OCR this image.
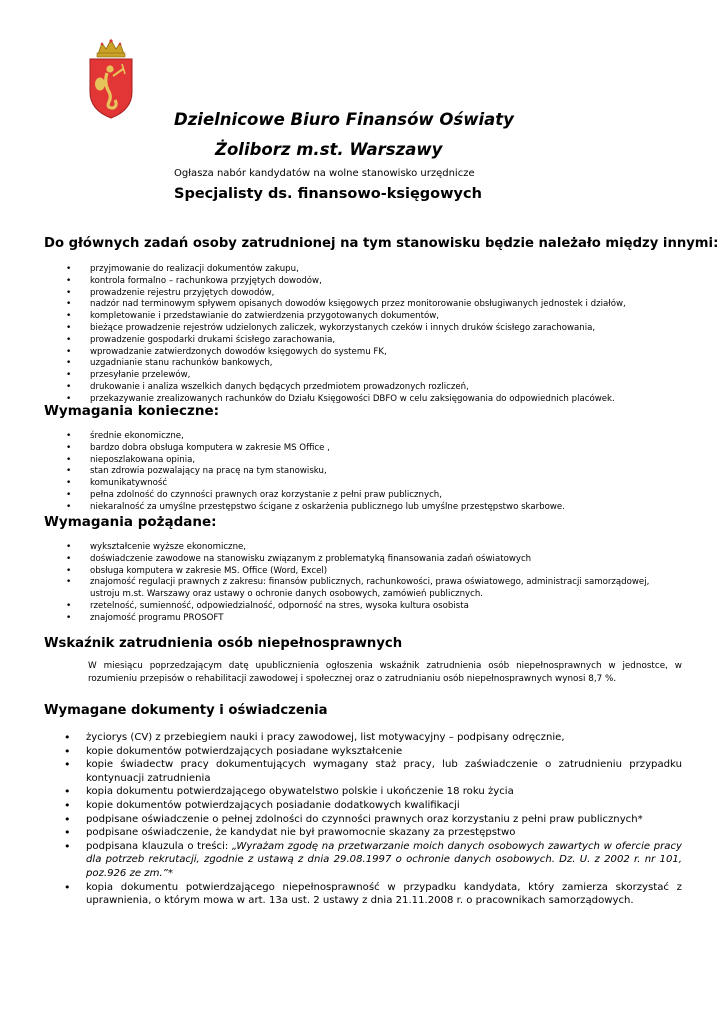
Dzielnicowe Biuro Finansów Oświaty
Żoliborz m.st. Warszawy
Ogłasza nabór kandydatów na wolne stanowisko urzędnicze
Specjalisty ds. finansowo-księgowych
Do głównych zadań osoby zatrudnionej na tym stanowisku będzie należało między innymi:
• przyjmowanie do realizacji dokumentów zakupu,
• kontrola formalno – rachunkowa przyjętych dowodów,
• prowadzenie rejestru przyjętych dowodów,
• nadzór nad terminowym spływem opisanych dowodów księgowych przez monitorowanie obsługiwanych jednostek i działów,
• kompletowanie i przedstawianie do zatwierdzenia przygotowanych dokumentów,
• bieżące prowadzenie rejestrów udzielonych zaliczek, wykorzystanych czeków i innych druków ścisłego zarachowania,
• prowadzenie gospodarki drukami ścisłego zarachowania,
• wprowadzanie zatwierdzonych dowodów księgowych do systemu FK,
• uzgadnianie stanu rachunków bankowych,
• przesyłanie przelewów,
• drukowanie i analiza wszelkich danych będących przedmiotem prowadzonych rozliczeń,
• przekazywanie zrealizowanych rachunków do Działu Księgowości DBFO w celu zaksięgowania do odpowiednich placówek.
Wymagania konieczne:
• średnie ekonomiczne,
• bardzo dobra obsługa komputera w zakresie MS Office ,
• nieposzlakowana opinia,
• stan zdrowia pozwalający na pracę na tym stanowisku,
• komunikatywność
• pełna zdolność do czynności prawnych oraz korzystanie z pełni praw publicznych,
• niekaralność za umyślne przestępstwo ścigane z oskarżenia publicznego lub umyślne przestępstwo skarbowe.
Wymagania pożądane:
• wykształcenie wyższe ekonomiczne,
• doświadczenie zawodowe na stanowisku związanym z problematyką finansowania zadań oświatowych
• obsługa komputera w zakresie MS. Office (Word, Excel)
• znajomość regulacji prawnych z zakresu: finansów publicznych, rachunkowości, prawa oświatowego, administracji samorządowej, ustroju m.st. Warszawy oraz ustawy o ochronie danych osobowych, zamówień publicznych.
• rzetelność, sumienność, odpowiedzialność, odporność na stres, wysoka kultura osobista
• znajomość programu PROSOFT
Wskaźnik zatrudnienia osób niepełnosprawnych

W miesiącu poprzedzającym datę upublicznienia ogłoszenia wskaźnik zatrudnienia osób niepełnosprawnych w jednostce, w rozumieniu przepisów o rehabilitacji zawodowej i społecznej oraz o zatrudnianiu osób niepełnosprawnych wynosi 8,7 %.

Wymagane dokumenty i oświadczenia
• życiorys (CV) z przebiegiem nauki i pracy zawodowej, list motywacyjny – podpisany odręcznie,
• kopie dokumentów potwierdzających posiadane wykształcenie
• kopie świadectw pracy dokumentujących wymagany staż pracy, lub zaświadczenie o zatrudnieniu przypadku kontynuacji zatrudnienia
• kopia dokumentu potwierdzającego obywatelstwo polskie i ukończenie 18 roku życia
• kopie dokumentów potwierdzających posiadanie dodatkowych kwalifikacji
• podpisane oświadczenie o pełnej zdolności do czynności prawnych oraz korzystaniu z pełni praw publicznych*
• podpisane oświadczenie, że kandydat nie był prawomocnie skazany za przestępstwo
• podpisana klauzula o treści: „Wyrażam zgodę na przetwarzanie moich danych osobowych zawartych w ofercie pracy dla potrzeb rekrutacji, zgodnie z ustawą z dnia 29.08.1997 o ochronie danych osobowych. Dz. U. z 2002 r. nr 101, poz.926 ze zm.”*
• kopia dokumentu potwierdzającego niepełnosprawność w przypadku kandydata, który zamierza skorzystać z uprawnienia, o którym mowa w art. 13a ust. 2 ustawy z dnia 21.11.2008 r. o pracownikach samorządowych.
